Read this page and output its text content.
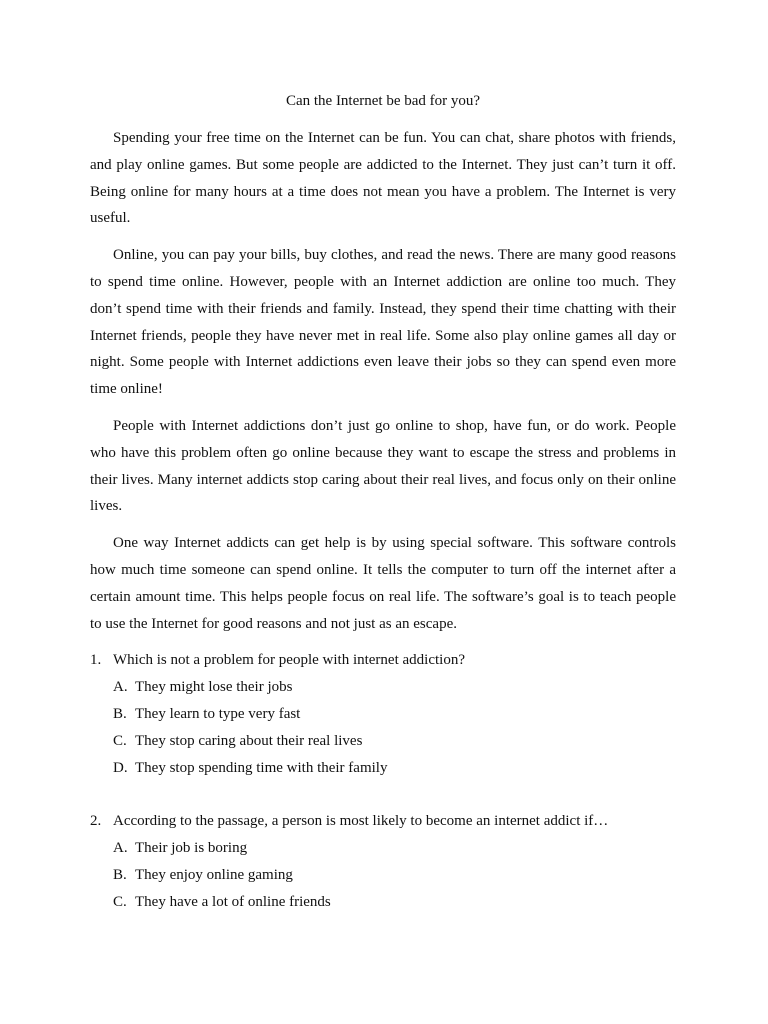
Can the Internet be bad for you?

Spending your free time on the Internet can be fun. You can chat, share photos with friends, and play online games. But some people are addicted to the Internet. They just can’t turn it off. Being online for many hours at a time does not mean you have a problem. The Internet is very useful.

Online, you can pay your bills, buy clothes, and read the news. There are many good reasons to spend time online. However, people with an Internet addiction are online too much. They don’t spend time with their friends and family. Instead, they spend their time chatting with their Internet friends, people they have never met in real life. Some also play online games all day or night. Some people with Internet addictions even leave their jobs so they can spend even more time online!

People with Internet addictions don’t just go online to shop, have fun, or do work. People who have this problem often go online because they want to escape the stress and problems in their lives. Many internet addicts stop caring about their real lives, and focus only on their online lives.

One way Internet addicts can get help is by using special software. This software controls how much time someone can spend online. It tells the computer to turn off the internet after a certain amount time. This helps people focus on real life. The software’s goal is to teach people to use the Internet for good reasons and not just as an escape.

1. Which is not a problem for people with internet addiction?
A. They might lose their jobs
B. They learn to type very fast
C. They stop caring about their real lives
D. They stop spending time with their family
2. According to the passage, a person is most likely to become an internet addict if…
A. Their job is boring
B. They enjoy online gaming
C. They have a lot of online friends
